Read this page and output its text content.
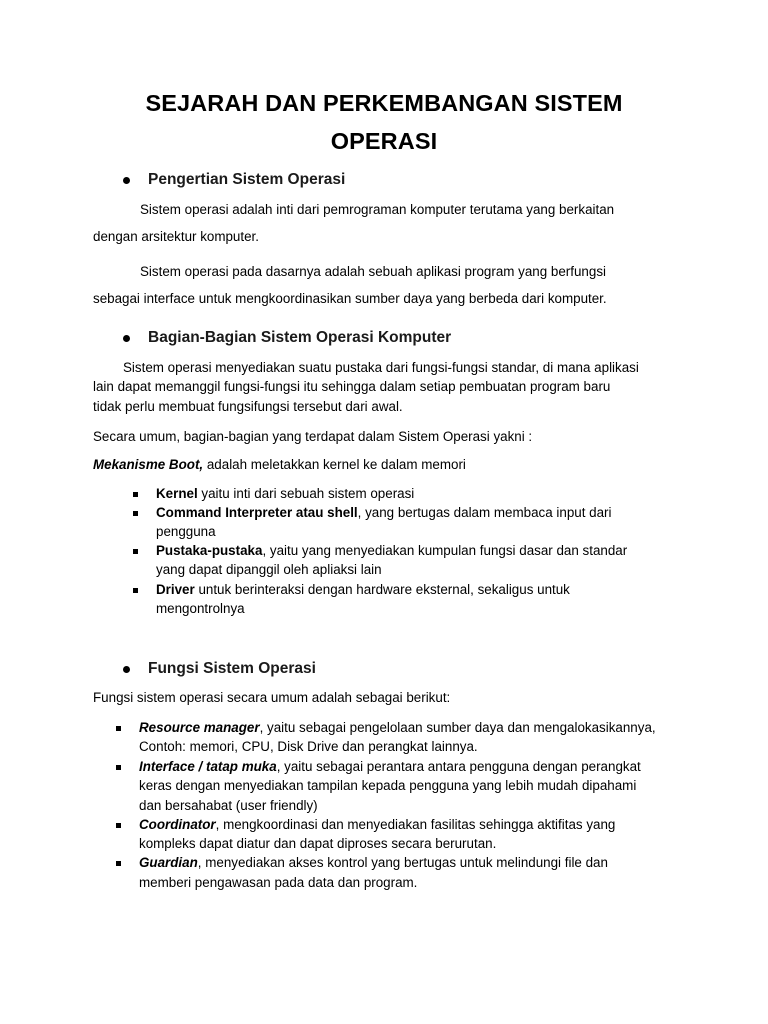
SEJARAH DAN PERKEMBANGAN SISTEM
OPERASI
Pengertian Sistem Operasi
Sistem operasi adalah inti dari pemrograman komputer terutama yang berkaitan
dengan arsitektur komputer.
Sistem operasi pada dasarnya adalah sebuah aplikasi program yang berfungsi
sebagai interface untuk mengkoordinasikan sumber daya yang berbeda dari komputer.
Bagian-Bagian Sistem Operasi Komputer
Sistem operasi menyediakan suatu pustaka dari fungsi-fungsi standar, di mana aplikasi
lain dapat memanggil fungsi-fungsi itu sehingga dalam setiap pembuatan program baru
tidak perlu membuat fungsifungsi tersebut dari awal.
Secara umum, bagian-bagian yang terdapat dalam Sistem Operasi yakni :
Mekanisme Boot, adalah meletakkan kernel ke dalam memori
Kernel yaitu inti dari sebuah sistem operasi
Command Interpreter atau shell, yang bertugas dalam membaca input dari
pengguna
Pustaka-pustaka, yaitu yang menyediakan kumpulan fungsi dasar dan standar
yang dapat dipanggil oleh apliaksi lain
Driver untuk berinteraksi dengan hardware eksternal, sekaligus untuk
mengontrolnya
Fungsi Sistem Operasi
Fungsi sistem operasi secara umum adalah sebagai berikut:
Resource manager, yaitu sebagai pengelolaan sumber daya dan mengalokasikannya,
Contoh: memori, CPU, Disk Drive dan perangkat lainnya.
Interface / tatap muka, yaitu sebagai perantara antara pengguna dengan perangkat
keras dengan menyediakan tampilan kepada pengguna yang lebih mudah dipahami
dan bersahabat (user friendly)
Coordinator, mengkoordinasi dan menyediakan fasilitas sehingga aktifitas yang
kompleks dapat diatur dan dapat diproses secara berurutan.
Guardian, menyediakan akses kontrol yang bertugas untuk melindungi file dan
memberi pengawasan pada data dan program.
